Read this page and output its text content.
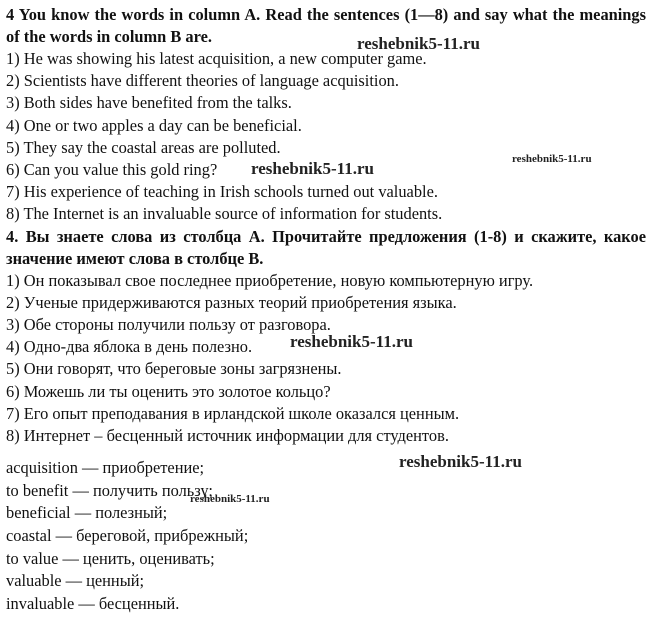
4 You know the words in column A. Read the sentences (1—8) and say what the meanings of the words in column B are.

1) He was showing his latest acquisition, a new computer game.
2) Scientists have different theories of language acquisition.
3) Both sides have benefited from the talks.
4) One or two apples a day can be beneficial.
5) They say the coastal areas are polluted.
6) Can you value this gold ring?
7) His experience of teaching in Irish schools turned out valuable.
8) The Internet is an invaluable source of information for students.

4. Вы знаете слова из столбца А. Прочитайте предложения (1-8) и скажите, какое значение имеют слова в столбце В.

1) Он показывал свое последнее приобретение, новую компьютерную игру.
2) Ученые придерживаются разных теорий приобретения языка.
3) Обе стороны получили пользу от разговора.
4) Одно-два яблока в день полезно.
5) Они говорят, что береговые зоны загрязнены.
6) Можешь ли ты оценить это золотое кольцо?
7) Его опыт преподавания в ирландской школе оказался ценным.
8) Интернет – бесценный источник информации для студентов.
acquisition — приобретение;
to benefit — получить пользу;
beneficial — полезный;
coastal — береговой, прибрежный;
to value — ценить, оценивать;
valuable — ценный;
invaluable — бесценный.
reshebnik5-11.ru
reshebnik5-11.ru	reshebnik5-11.ru
reshebnik5-11.ru
reshebnik5-11.ru
reshebnik5-11.ru
